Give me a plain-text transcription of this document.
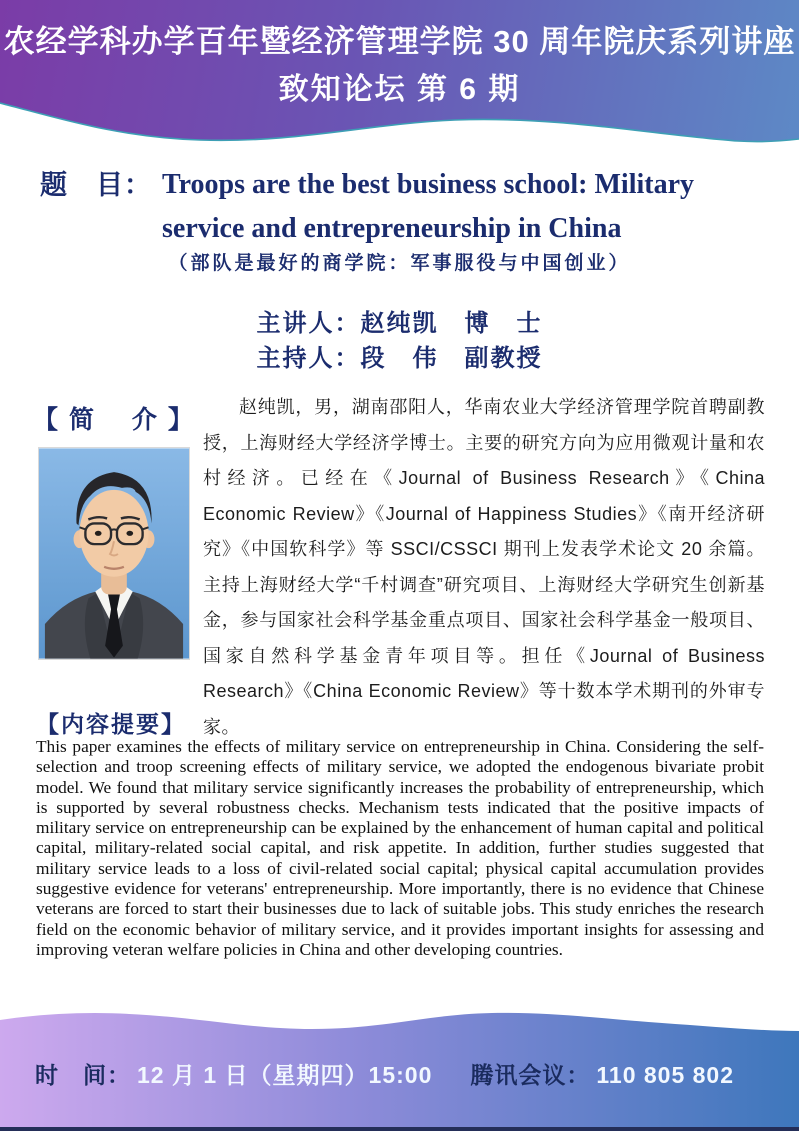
农经学科办学百年暨经济管理学院 30 周年院庆系列讲座
致知论坛 第 6 期
题　目： Troops are the best business school: Military
service and entrepreneurship in China
（部队是最好的商学院：军事服役与中国创业）
主讲人：赵纯凯　博　士
主持人：段　伟　副教授
【 简　 介 】	赵纯凯，男，湖南邵阳人，华南农业大学经济管理学院首聘副教授，上海财经大学经济学博士。主要的研究方向为应用微观计量和农村经济。已经在《Journal of Business Research》《China Economic Review》《Journal of Happiness Studies》《南开经济研究》《中国软科学》等 SSCI/CSSCI 期刊上发表学术论文 20 余篇。主持上海财经大学“千村调查”研究项目、上海财经大学研究生创新基金，参与国家社会科学基金重点项目、国家社会科学基金一般项目、国家自然科学基金青年项目等。担任《Journal of Business Research》《China Economic Review》等十数本学术期刊的外审专家。
【内容提要】
This paper examines the effects of military service on entrepreneurship in China. Considering the self-selection and troop screening effects of military service, we adopted the endogenous bivariate probit model. We found that military service significantly increases the probability of entrepreneurship, which is supported by several robustness checks. Mechanism tests indicated that the positive impacts of military service on entrepreneurship can be explained by the enhancement of human capital and political capital, military-related social capital, and risk appetite. In addition, further studies suggested that military service leads to a loss of civil-related social capital; physical capital accumulation provides suggestive evidence for veterans' entrepreneurship. More importantly, there is no evidence that Chinese veterans are forced to start their businesses due to lack of suitable jobs. This study enriches the research field on the economic behavior of military service, and it provides important insights for assessing and improving veteran welfare policies in China and other developing countries.
时　间： 12 月 1 日（星期四）15:00 腾讯会议： 110 805 802
